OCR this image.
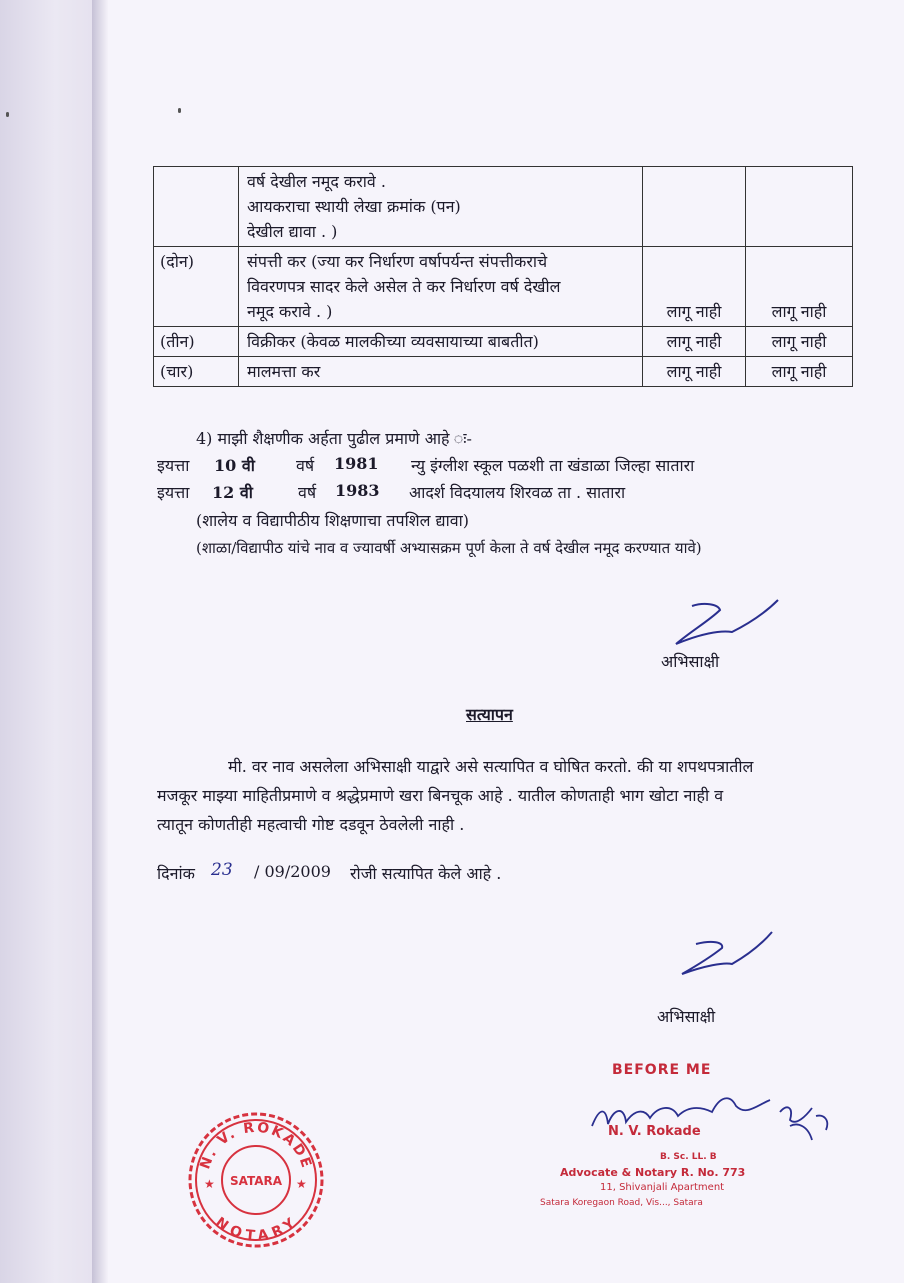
	वर्ष देखील नमूद करावे .
आयकराचा स्थायी लेखा क्रमांक (पन)
देखील द्यावा . )		

(दोन)	संपत्ती कर (ज्या कर निर्धारण वर्षापर्यन्त संपत्तीकराचे
विवरणपत्र सादर केले असेल ते कर निर्धारण वर्ष देखील
नमूद करावे . )	लागू नाही	लागू नाही
(तीन)	विक्रीकर (केवळ मालकीच्या व्यवसायाच्या बाबतीत)	लागू नाही	लागू नाही
(चार)	मालमत्ता कर	लागू नाही	लागू नाही
4) माझी शैक्षणीक अर्हता पुढील प्रमाणे आहे ः-
इयत्ता 10 वी	वर्ष 1981 न्यु इंग्लीश स्कूल पळशी ता खंडाळा जिल्हा सातारा
इयत्ता 12 वी	वर्ष 1983 आदर्श विदयालय शिरवळ ता . सातारा
(शालेय व विद्यापीठीय शिक्षणाचा तपशिल द्यावा)
(शाळा/विद्यापीठ यांचे नाव व ज्यावर्षी अभ्यासक्रम पूर्ण केला ते वर्ष देखील नमूद करण्यात यावे)
अभिसाक्षी
सत्यापन
मी. वर नाव असलेला अभिसाक्षी याद्वारे असे सत्यापित व घोषित करतो. की या शपथपत्रातील
मजकूर माझ्या माहितीप्रमाणे व श्रद्धेप्रमाणे खरा बिनचूक आहे . यातील कोणताही भाग खोटा नाही व
त्यातून कोणतीही महत्वाची गोष्ट दडवून ठेवलेली नाही .
दिनांक 23 / 09/2009 रोजी सत्यापित केले आहे .
अभिसाक्षी
N. V. ROKADE
NOTARY
SATARA
★	★
BEFORE ME
N. V. Rokade
B. Sc. LL. B
Advocate & Notary R. No. 773
11, Shivanjali Apartment
Satara Koregaon Road, Vis..., Satara
